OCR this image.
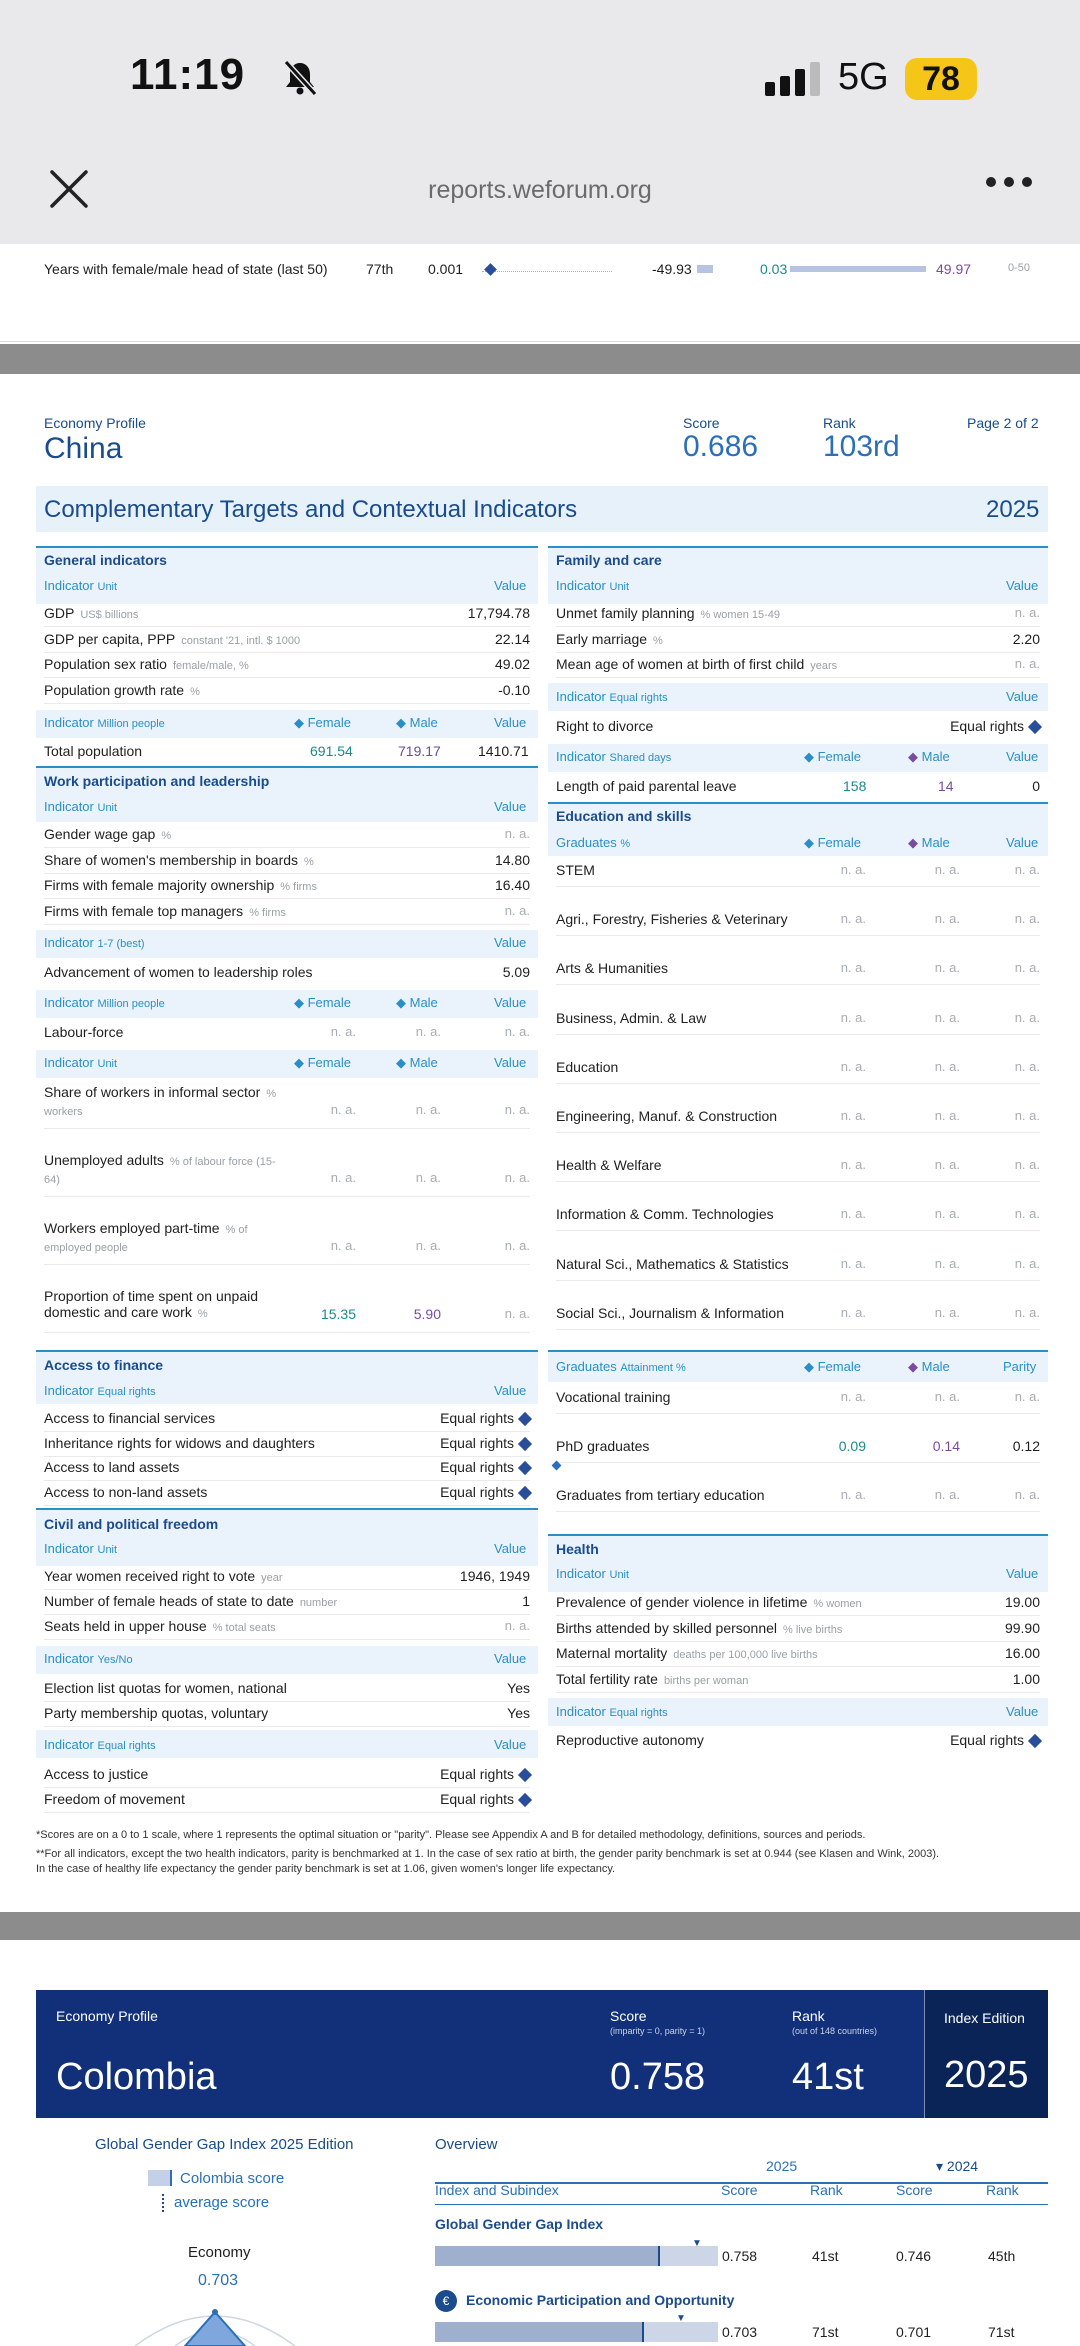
11:19	5G 78
reports.weforum.org
Years with female/male head of state (last 50)	77th 0.001	-49.93	0.03	49.97	0-50
Economy Profile
China
Score
0.686
Rank
103rd
Page 2 of 2
Complementary Targets and Contextual Indicators	2025
General indicators
Indicator Unit	Value
Indicator Million people	◆ Female	◆ Male	Value
Total population	691.54	719.17	1410.71
Work participation and leadership
Indicator Unit	Value
Indicator 1-7 (best)	Value
Advancement of women to leadership roles	5.09
Indicator Million people	◆ Female	◆ Male	Value
Labour-force	n. a.	n. a.	n. a.
Indicator Unit	◆ Female	◆ Male	Value
Access to finance
Indicator Equal rights	Value
Civil and political freedom
Indicator Unit	Value
Indicator Yes/No	Value
Indicator Equal rights	Value
Family and care
Indicator Unit	Value
Indicator Equal rights	Value
Right to divorce	Equal rights
Indicator Shared days	◆ Female	◆ Male	Value
Length of paid parental leave	158	14	0
Education and skills
Graduates %	◆ Female	◆ Male	Value
Graduates Attainment %	◆ Female	◆ Male	Parity
Health
Indicator Unit	Value
Indicator Equal rights	Value
Reproductive autonomy	Equal rights
*Scores are on a 0 to 1 scale, where 1 represents the optimal situation or "parity". Please see Appendix A and B for detailed methodology, definitions, sources and periods.
**For all indicators, except the two health indicators, parity is benchmarked at 1. In the case of sex ratio at birth, the gender parity benchmark is set at 0.944 (see Klasen and Wink, 2003).
In the case of healthy life expectancy the gender parity benchmark is set at 1.06, given women's longer life expectancy.
Economy Profile
Colombia
Score
(imparity = 0, parity = 1)
0.758
Rank
(out of 148 countries)
41st
Index Edition
2025
Global Gender Gap Index 2025 Edition
Colombia score
average score
Economy
0.703
Overview
2025	▾ 2024
Index and Subindex	Score	Rank	Score	Rank
Global Gender Gap Index
▼
0.758	41st	0.746	45th
€	Economic Participation and Opportunity
▼
0.703	71st	0.701	71st
GDP US$ billions	17,794.78
GDP per capita, PPP constant '21, intl. $ 1000	22.14
Population sex ratio female/male, %	49.02
Population growth rate %	-0.10
Gender wage gap %	n. a.
Share of women's membership in boards %	14.80
Firms with female majority ownership % firms	16.40
Firms with female top managers % firms	n. a.
Access to financial services	Equal rights
Inheritance rights for widows and daughters	Equal rights
Access to land assets	Equal rights
Access to non-land assets	Equal rights
Year women received right to vote year	1946, 1949
Number of female heads of state to date number	1
Seats held in upper house % total seats	n. a.
Election list quotas for women, national	Yes
Party membership quotas, voluntary	Yes
Access to justice	Equal rights
Freedom of movement	Equal rights
Unmet family planning % women 15-49	n. a.
Early marriage %	2.20
Mean age of women at birth of first child years	n. a.
Prevalence of gender violence in lifetime % women	19.00
Births attended by skilled personnel % live births	99.90
Maternal mortality deaths per 100,000 live births	16.00
Total fertility rate births per woman	1.00
Share of workers in informal sector %
workers	n. a.	n. a.	n. a.
Unemployed adults % of labour force (15-
64)	n. a.	n. a.	n. a.
Workers employed part-time % of
employed people	n. a.	n. a.	n. a.
Proportion of time spent on unpaid
domestic and care work %	15.35	5.90	n. a.
STEM	n. a.	n. a.	n. a.
Agri., Forestry, Fisheries & Veterinary	n. a.	n. a.	n. a.
Arts & Humanities	n. a.	n. a.	n. a.
Business, Admin. & Law	n. a.	n. a.	n. a.
Education	n. a.	n. a.	n. a.
Engineering, Manuf. & Construction	n. a.	n. a.	n. a.
Health & Welfare	n. a.	n. a.	n. a.
Information & Comm. Technologies	n. a.	n. a.	n. a.
Natural Sci., Mathematics & Statistics	n. a.	n. a.	n. a.
Social Sci., Journalism & Information	n. a.	n. a.	n. a.
Vocational training	n. a.	n. a.	n. a.
PhD graduates	0.09	0.14	0.12
Graduates from tertiary education	n. a.	n. a.	n. a.
